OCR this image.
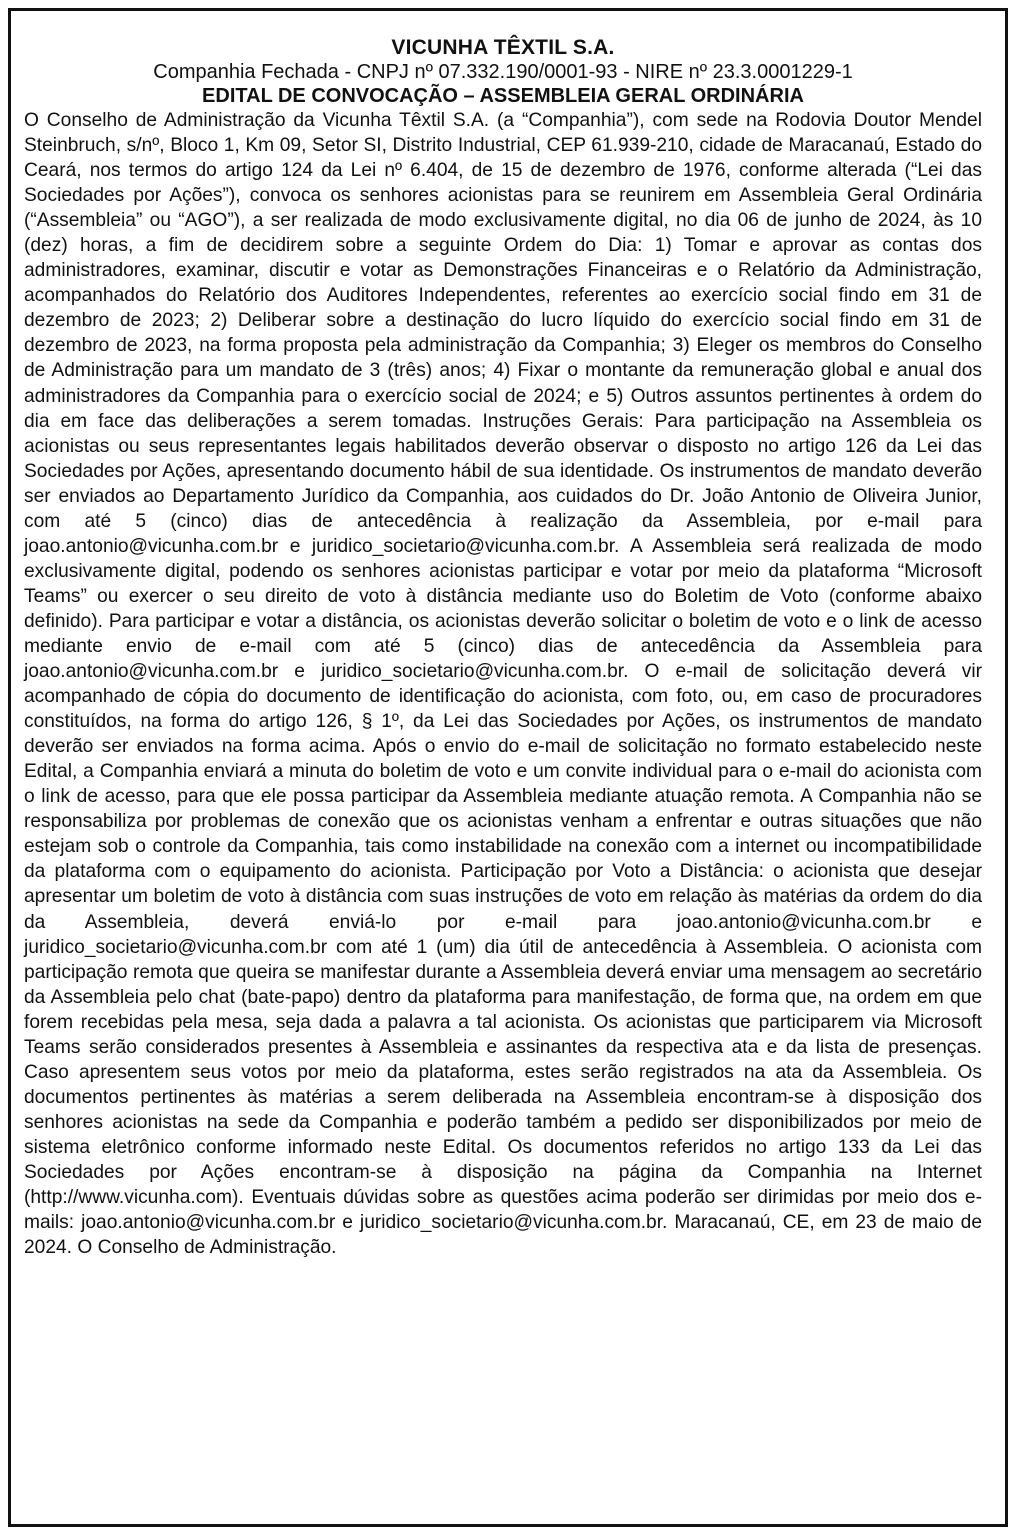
VICUNHA TÊXTIL S.A.

Companhia Fechada - CNPJ nº 07.332.190/0001-93 - NIRE nº 23.3.0001229-1

EDITAL DE CONVOCAÇÃO – ASSEMBLEIA GERAL ORDINÁRIA

O Conselho de Administração da Vicunha Têxtil S.A. (a “Companhia”), com sede na Rodovia Doutor Mendel Steinbruch, s/nº, Bloco 1, Km 09, Setor SI, Distrito Industrial, CEP 61.939-210, cidade de Maracanaú, Estado do Ceará, nos termos do artigo 124 da Lei nº 6.404, de 15 de dezembro de 1976, conforme alterada (“Lei das Sociedades por Ações”), convoca os senhores acionistas para se reunirem em Assembleia Geral Ordinária (“Assembleia” ou “AGO”), a ser realizada de modo exclusivamente digital, no dia 06 de junho de 2024, às 10 (dez) horas, a fim de decidirem sobre a seguinte Ordem do Dia: 1) Tomar e aprovar as contas dos administradores, examinar, discutir e votar as Demonstrações Financeiras e o Relatório da Administração, acompanhados do Relatório dos Auditores Independentes, referentes ao exercício social findo em 31 de dezembro de 2023; 2) Deliberar sobre a destinação do lucro líquido do exercício social findo em 31 de dezembro de 2023, na forma proposta pela administração da Companhia; 3) Eleger os membros do Conselho de Administração para um mandato de 3 (três) anos; 4) Fixar o montante da remuneração global e anual dos administradores da Companhia para o exercício social de 2024; e 5) Outros assuntos pertinentes à ordem do dia em face das deliberações a serem tomadas. Instruções Gerais: Para participação na Assembleia os acionistas ou seus representantes legais habilitados deverão observar o disposto no artigo 126 da Lei das Sociedades por Ações, apresentando documento hábil de sua identidade. Os instrumentos de mandato deverão ser enviados ao Departamento Jurídico da Companhia, aos cuidados do Dr. João Antonio de Oliveira Junior, com até 5 (cinco) dias de antecedência à realização da Assembleia, por e-mail para joao.antonio@vicunha.com.br e juridico_societario@vicunha.com.br. A Assembleia será realizada de modo exclusivamente digital, podendo os senhores acionistas participar e votar por meio da plataforma “Microsoft Teams” ou exercer o seu direito de voto à distância mediante uso do Boletim de Voto (conforme abaixo definido). Para participar e votar a distância, os acionistas deverão solicitar o boletim de voto e o link de acesso mediante envio de e-mail com até 5 (cinco) dias de antecedência da Assembleia para joao.antonio@vicunha.com.br e juridico_societario@vicunha.com.br. O e-mail de solicitação deverá vir acompanhado de cópia do documento de identificação do acionista, com foto, ou, em caso de procuradores constituídos, na forma do artigo 126, § 1º, da Lei das Sociedades por Ações, os instrumentos de mandato deverão ser enviados na forma acima. Após o envio do e-mail de solicitação no formato estabelecido neste Edital, a Companhia enviará a minuta do boletim de voto e um convite individual para o e-mail do acionista com o link de acesso, para que ele possa participar da Assembleia mediante atuação remota. A Companhia não se responsabiliza por problemas de conexão que os acionistas venham a enfrentar e outras situações que não estejam sob o controle da Companhia, tais como instabilidade na conexão com a internet ou incompatibilidade da plataforma com o equipamento do acionista. Participação por Voto a Distância: o acionista que desejar apresentar um boletim de voto à distância com suas instruções de voto em relação às matérias da ordem do dia da Assembleia, deverá enviá-lo por e-mail para joao.antonio@vicunha.com.br e juridico_societario@vicunha.com.br com até 1 (um) dia útil de antecedência à Assembleia. O acionista com participação remota que queira se manifestar durante a Assembleia deverá enviar uma mensagem ao secretário da Assembleia pelo chat (bate-papo) dentro da plataforma para manifestação, de forma que, na ordem em que forem recebidas pela mesa, seja dada a palavra a tal acionista. Os acionistas que participarem via Microsoft Teams serão considerados presentes à Assembleia e assinantes da respectiva ata e da lista de presenças. Caso apresentem seus votos por meio da plataforma, estes serão registrados na ata da Assembleia. Os documentos pertinentes às matérias a serem deliberada na Assembleia encontram-se à disposição dos senhores acionistas na sede da Companhia e poderão também a pedido ser disponibilizados por meio de sistema eletrônico conforme informado neste Edital. Os documentos referidos no artigo 133 da Lei das Sociedades por Ações encontram-se à disposição na página da Companhia na Internet (http://www.vicunha.com). Eventuais dúvidas sobre as questões acima poderão ser dirimidas por meio dos e-mails: joao.antonio@vicunha.com.br e juridico_societario@vicunha.com.br. Maracanaú, CE, em 23 de maio de 2024. O Conselho de Administração.
